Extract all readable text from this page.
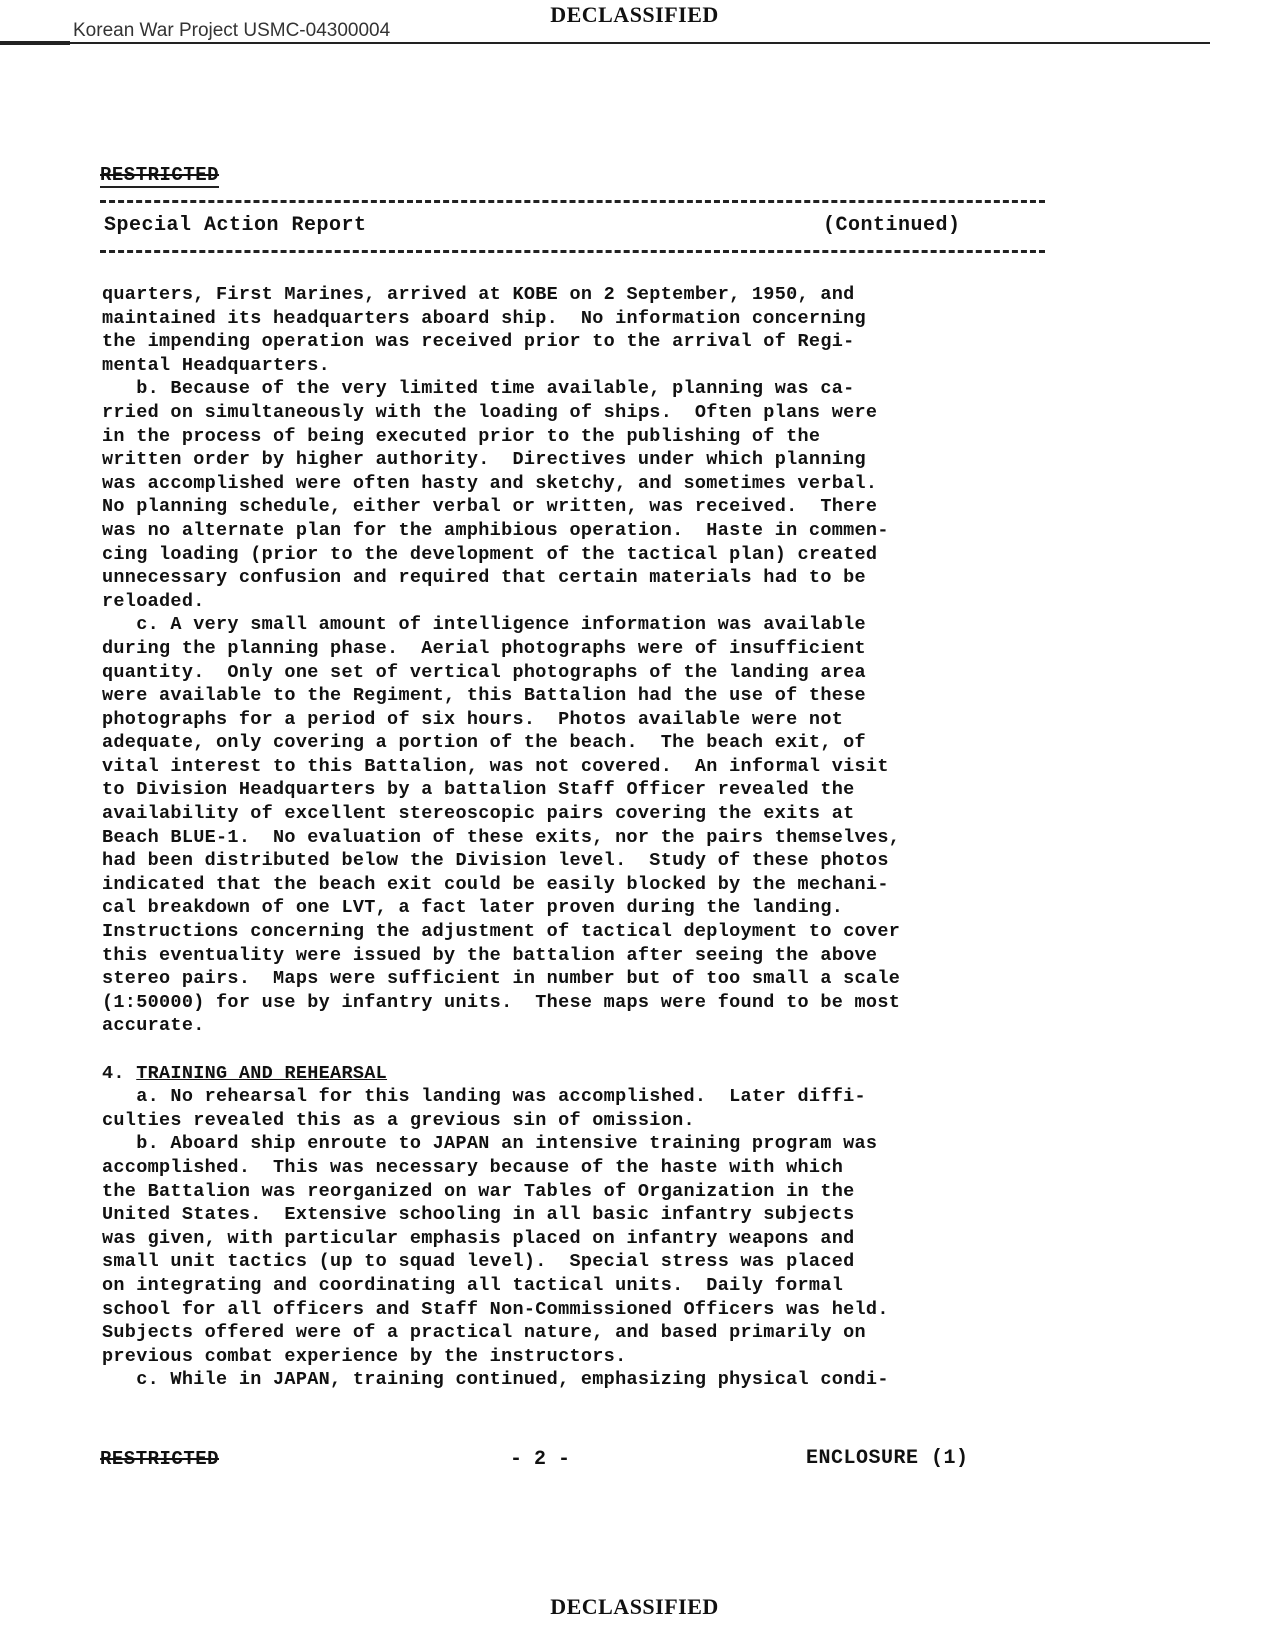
DECLASSIFIED
Korean War Project USMC-04300004
RESTRICTED
Special Action Report	(Continued)
quarters, First Marines, arrived at KOBE on 2 September, 1950, and
maintained its headquarters aboard ship.  No information concerning
the impending operation was received prior to the arrival of Regi-
mental Headquarters.
b. Because of the very limited time available, planning was ca-
rried on simultaneously with the loading of ships.  Often plans were
in the process of being executed prior to the publishing of the
written order by higher authority.  Directives under which planning
was accomplished were often hasty and sketchy, and sometimes verbal.
No planning schedule, either verbal or written, was received.  There
was no alternate plan for the amphibious operation.  Haste in commen-
cing loading (prior to the development of the tactical plan) created
unnecessary confusion and required that certain materials had to be
reloaded.
c. A very small amount of intelligence information was available
during the planning phase.  Aerial photographs were of insufficient
quantity.  Only one set of vertical photographs of the landing area
were available to the Regiment, this Battalion had the use of these
photographs for a period of six hours.  Photos available were not
adequate, only covering a portion of the beach.  The beach exit, of
vital interest to this Battalion, was not covered.  An informal visit
to Division Headquarters by a battalion Staff Officer revealed the
availability of excellent stereoscopic pairs covering the exits at
Beach BLUE-1.  No evaluation of these exits, nor the pairs themselves,
had been distributed below the Division level.  Study of these photos
indicated that the beach exit could be easily blocked by the mechani-
cal breakdown of one LVT, a fact later proven during the landing.
Instructions concerning the adjustment of tactical deployment to cover
this eventuality were issued by the battalion after seeing the above
stereo pairs.  Maps were sufficient in number but of too small a scale
(1:50000) for use by infantry units.  These maps were found to be most
accurate.

4. TRAINING AND REHEARSAL
a. No rehearsal for this landing was accomplished.  Later diffi-
culties revealed this as a grevious sin of omission.
b. Aboard ship enroute to JAPAN an intensive training program was
accomplished.  This was necessary because of the haste with which
the Battalion was reorganized on war Tables of Organization in the
United States.  Extensive schooling in all basic infantry subjects
was given, with particular emphasis placed on infantry weapons and
small unit tactics (up to squad level).  Special stress was placed
on integrating and coordinating all tactical units.  Daily formal
school for all officers and Staff Non-Commissioned Officers was held.
Subjects offered were of a practical nature, and based primarily on
previous combat experience by the instructors.
c. While in JAPAN, training continued, emphasizing physical condi-
RESTRICTED	- 2 -	ENCLOSURE (1)
DECLASSIFIED
